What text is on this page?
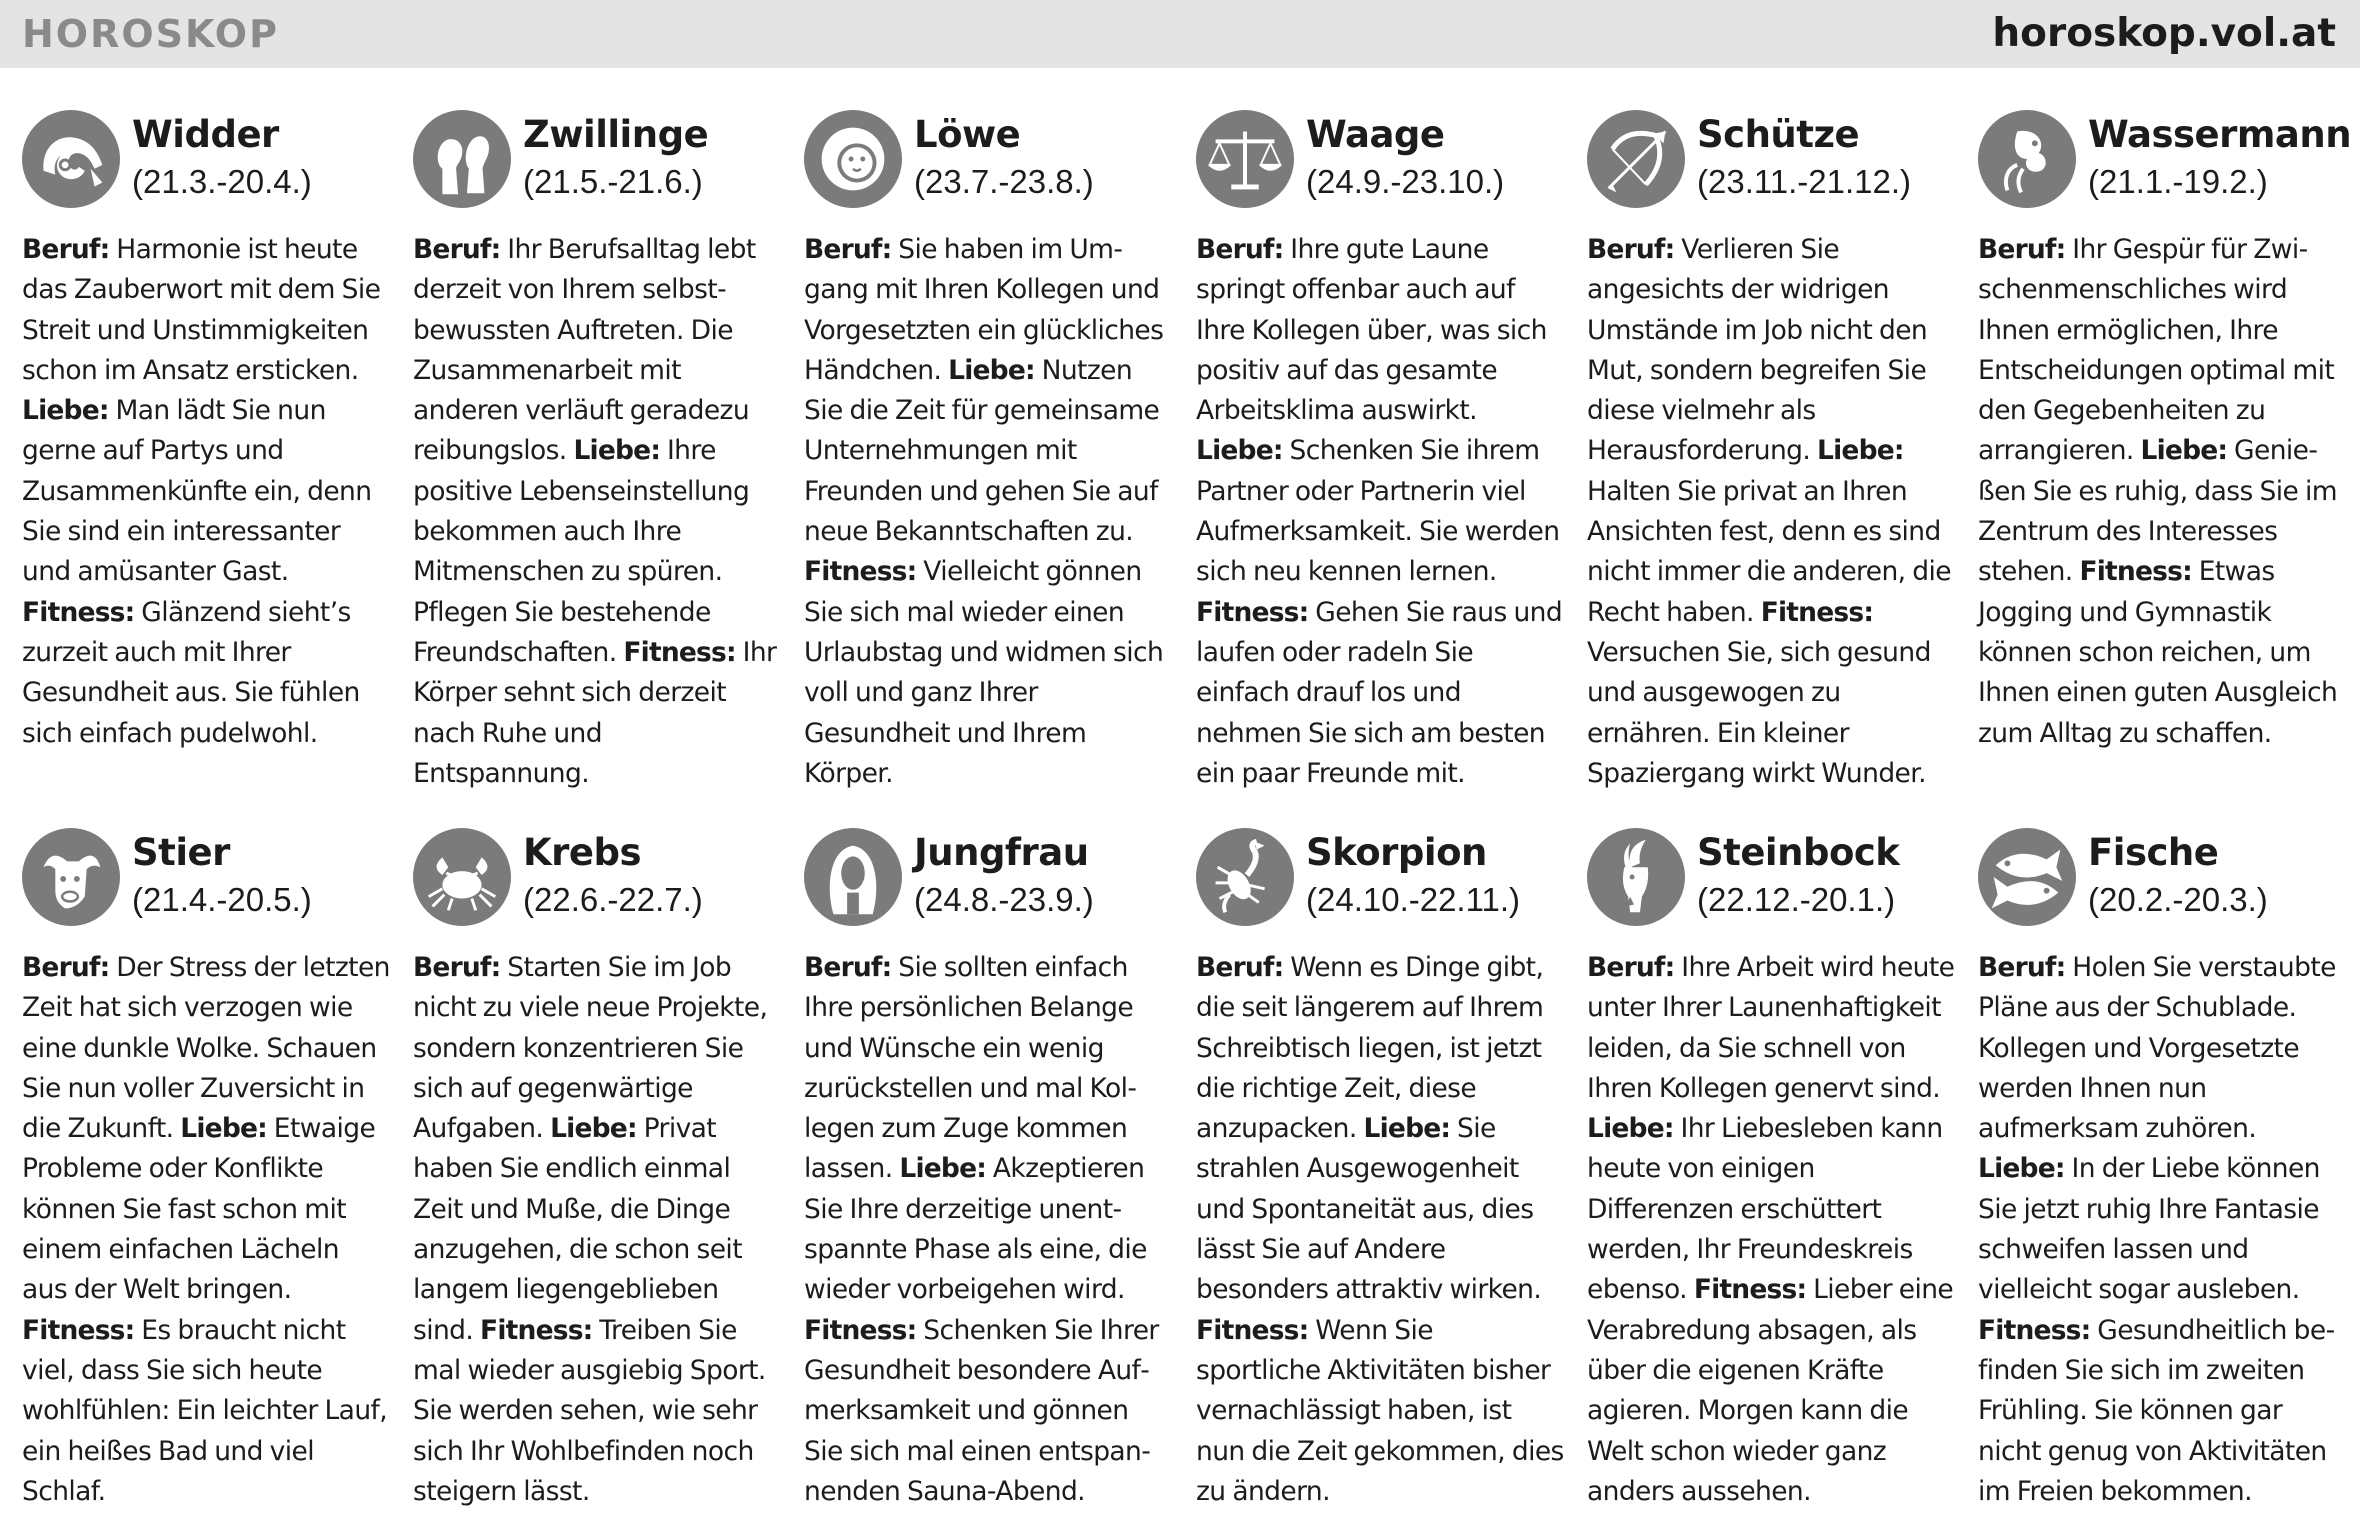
HOROSKOP	horoskop.vol.at
Widder
(21.3.-20.4.)
Beruf: Harmonie ist heute das Zauberwort mit dem Sie Streit und Unstimmigkeiten schon im Ansatz ersticken. Liebe: Man lädt Sie nun gerne auf Partys und Zusammenkünfte ein, denn Sie sind ein interessanter und amüsanter Gast. Fitness: Glänzend sieht’s zurzeit auch mit Ihrer Gesundheit aus. Sie fühlen sich einfach pudelwohl.
Zwillinge
(21.5.-21.6.)
Beruf: Ihr Berufsalltag lebt derzeit von Ihrem selbstbewussten Auftreten. Die Zusammenarbeit mit anderen verläuft geradezu reibungslos. Liebe: Ihre positive Lebenseinstellung bekommen auch Ihre Mitmenschen zu spüren. Pflegen Sie bestehende Freundschaften. Fitness: Ihr Körper sehnt sich derzeit nach Ruhe und Entspannung.
Löwe
(23.7.-23.8.)
Beruf: Sie haben im Umgang mit Ihren Kollegen und Vorgesetzten ein glückliches Händchen. Liebe: Nutzen Sie die Zeit für gemeinsame Unternehmungen mit Freunden und gehen Sie auf neue Bekanntschaften zu. Fitness: Vielleicht gönnen Sie sich mal wieder einen Urlaubstag und widmen sich voll und ganz Ihrer Gesundheit und Ihrem Körper.
Waage
(24.9.-23.10.)
Beruf: Ihre gute Laune springt offenbar auch auf Ihre Kollegen über, was sich positiv auf das gesamte Arbeitsklima auswirkt. Liebe: Schenken Sie ihrem Partner oder Partnerin viel Aufmerksamkeit. Sie werden sich neu kennen lernen. Fitness: Gehen Sie raus und laufen oder radeln Sie einfach drauf los und nehmen Sie sich am besten ein paar Freunde mit.
Schütze
(23.11.-21.12.)
Beruf: Verlieren Sie angesichts der widrigen Umstände im Job nicht den Mut, sondern begreifen Sie diese vielmehr als Herausforderung. Liebe: Halten Sie privat an Ihren Ansichten fest, denn es sind nicht immer die anderen, die Recht haben. Fitness: Versuchen Sie, sich gesund und ausgewogen zu ernähren. Ein kleiner Spaziergang wirkt Wunder.
Wassermann
(21.1.-19.2.)
Beruf: Ihr Gespür für Zwischenmenschliches wird Ihnen ermöglichen, Ihre Entscheidungen optimal mit den Gegebenheiten zu arrangieren. Liebe: Genießen Sie es ruhig, dass Sie im Zentrum des Interesses stehen. Fitness: Etwas Jogging und Gymnastik können schon reichen, um Ihnen einen guten Ausgleich zum Alltag zu schaffen.
Stier
(21.4.-20.5.)
Beruf: Der Stress der letzten Zeit hat sich verzogen wie eine dunkle Wolke. Schauen Sie nun voller Zuversicht in die Zukunft. Liebe: Etwaige Probleme oder Konflikte können Sie fast schon mit einem einfachen Lächeln aus der Welt bringen. Fitness: Es braucht nicht viel, dass Sie sich heute wohlfühlen: Ein leichter Lauf, ein heißes Bad und viel Schlaf.
Krebs
(22.6.-22.7.)
Beruf: Starten Sie im Job nicht zu viele neue Projekte, sondern konzentrieren Sie sich auf gegenwärtige Aufgaben. Liebe: Privat haben Sie endlich einmal Zeit und Muße, die Dinge anzugehen, die schon seit langem liegengeblieben sind. Fitness: Treiben Sie mal wieder ausgiebig Sport. Sie werden sehen, wie sehr sich Ihr Wohlbefinden noch steigern lässt.
Jungfrau
(24.8.-23.9.)
Beruf: Sie sollten einfach Ihre persönlichen Belange und Wünsche ein wenig zurückstellen und mal Kollegen zum Zuge kommen lassen. Liebe: Akzeptieren Sie Ihre derzeitige unentspannte Phase als eine, die wieder vorbeigehen wird. Fitness: Schenken Sie Ihrer Gesundheit besondere Aufmerksamkeit und gönnen Sie sich mal einen entspannenden Sauna-Abend.
Skorpion
(24.10.-22.11.)
Beruf: Wenn es Dinge gibt, die seit längerem auf Ihrem Schreibtisch liegen, ist jetzt die richtige Zeit, diese anzupacken. Liebe: Sie strahlen Ausgewogenheit und Spontaneität aus, dies lässt Sie auf Andere besonders attraktiv wirken. Fitness: Wenn Sie sportliche Aktivitäten bisher vernachlässigt haben, ist nun die Zeit gekommen, dies zu ändern.
Steinbock
(22.12.-20.1.)
Beruf: Ihre Arbeit wird heute unter Ihrer Launenhaftigkeit leiden, da Sie schnell von Ihren Kollegen genervt sind. Liebe: Ihr Liebesleben kann heute von einigen Differenzen erschüttert werden, Ihr Freundeskreis ebenso. Fitness: Lieber eine Verabredung absagen, als über die eigenen Kräfte agieren. Morgen kann die Welt schon wieder ganz anders aussehen.
Fische
(20.2.-20.3.)
Beruf: Holen Sie verstaubte Pläne aus der Schublade. Kollegen und Vorgesetzte werden Ihnen nun aufmerksam zuhören. Liebe: In der Liebe können Sie jetzt ruhig Ihre Fantasie schweifen lassen und vielleicht sogar ausleben. Fitness: Gesundheitlich befinden Sie sich im zweiten Frühling. Sie können gar nicht genug von Aktivitäten im Freien bekommen.
